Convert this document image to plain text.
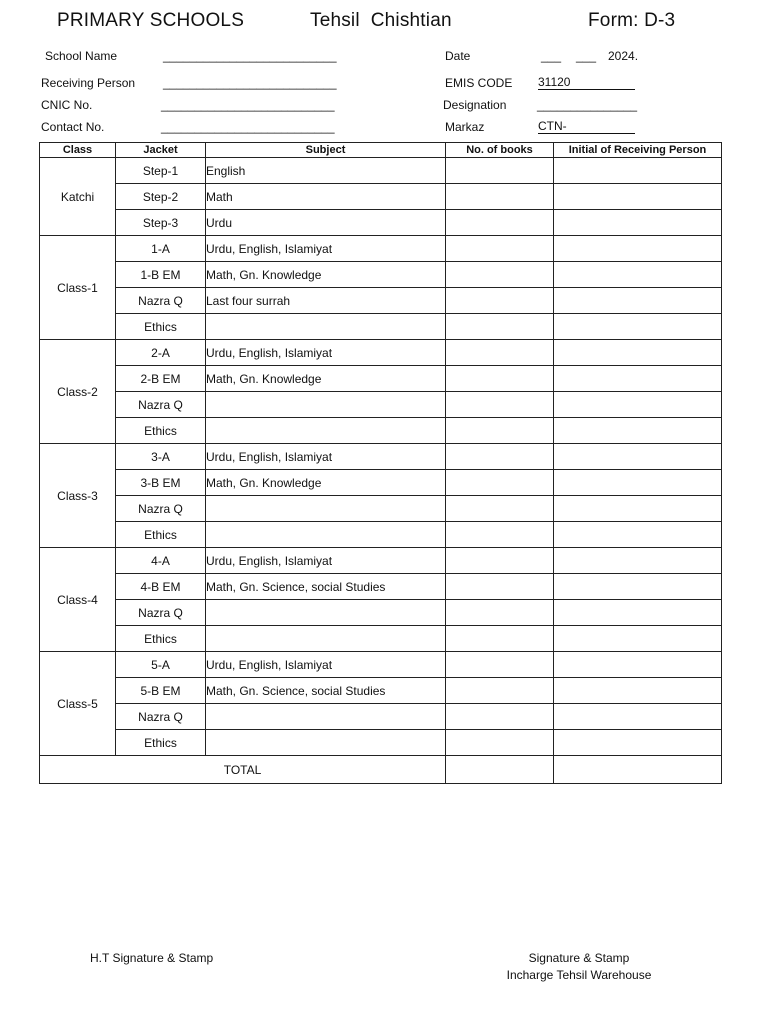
PRIMARY SCHOOLS	Tehsil  Chishtian	Form: D-3
School Name	__________________________
Receiving Person __________________________
CNIC No.	__________________________
Contact No.	__________________________
Date	___ ___ 2024.
EMIS CODE 31120
Designation	_______________
Markaz	CTN-
Class	Jacket	Subject	No. of books	Initial of Receiving Person
Katchi	Step-1	English		
	Step-2	Math		
	Step-3	Urdu		
Class-1	1-A	Urdu, English, Islamiyat		
	1-B EM	Math, Gn. Knowledge		
	Nazra Q	Last four surrah		
	Ethics			
Class-2	2-A	Urdu, English, Islamiyat		
	2-B EM	Math, Gn. Knowledge		
	Nazra Q			
	Ethics			
Class-3	3-A	Urdu, English, Islamiyat		
	3-B EM	Math, Gn. Knowledge		
	Nazra Q			
	Ethics			
Class-4	4-A	Urdu, English, Islamiyat		
	4-B EM	Math, Gn. Science, social Studies		
	Nazra Q			
	Ethics			
Class-5	5-A	Urdu, English, Islamiyat		
	5-B EM	Math, Gn. Science, social Studies		
	Nazra Q			
	Ethics			
TOTAL				
H.T Signature & Stamp	Signature & Stamp
Incharge Tehsil Warehouse
